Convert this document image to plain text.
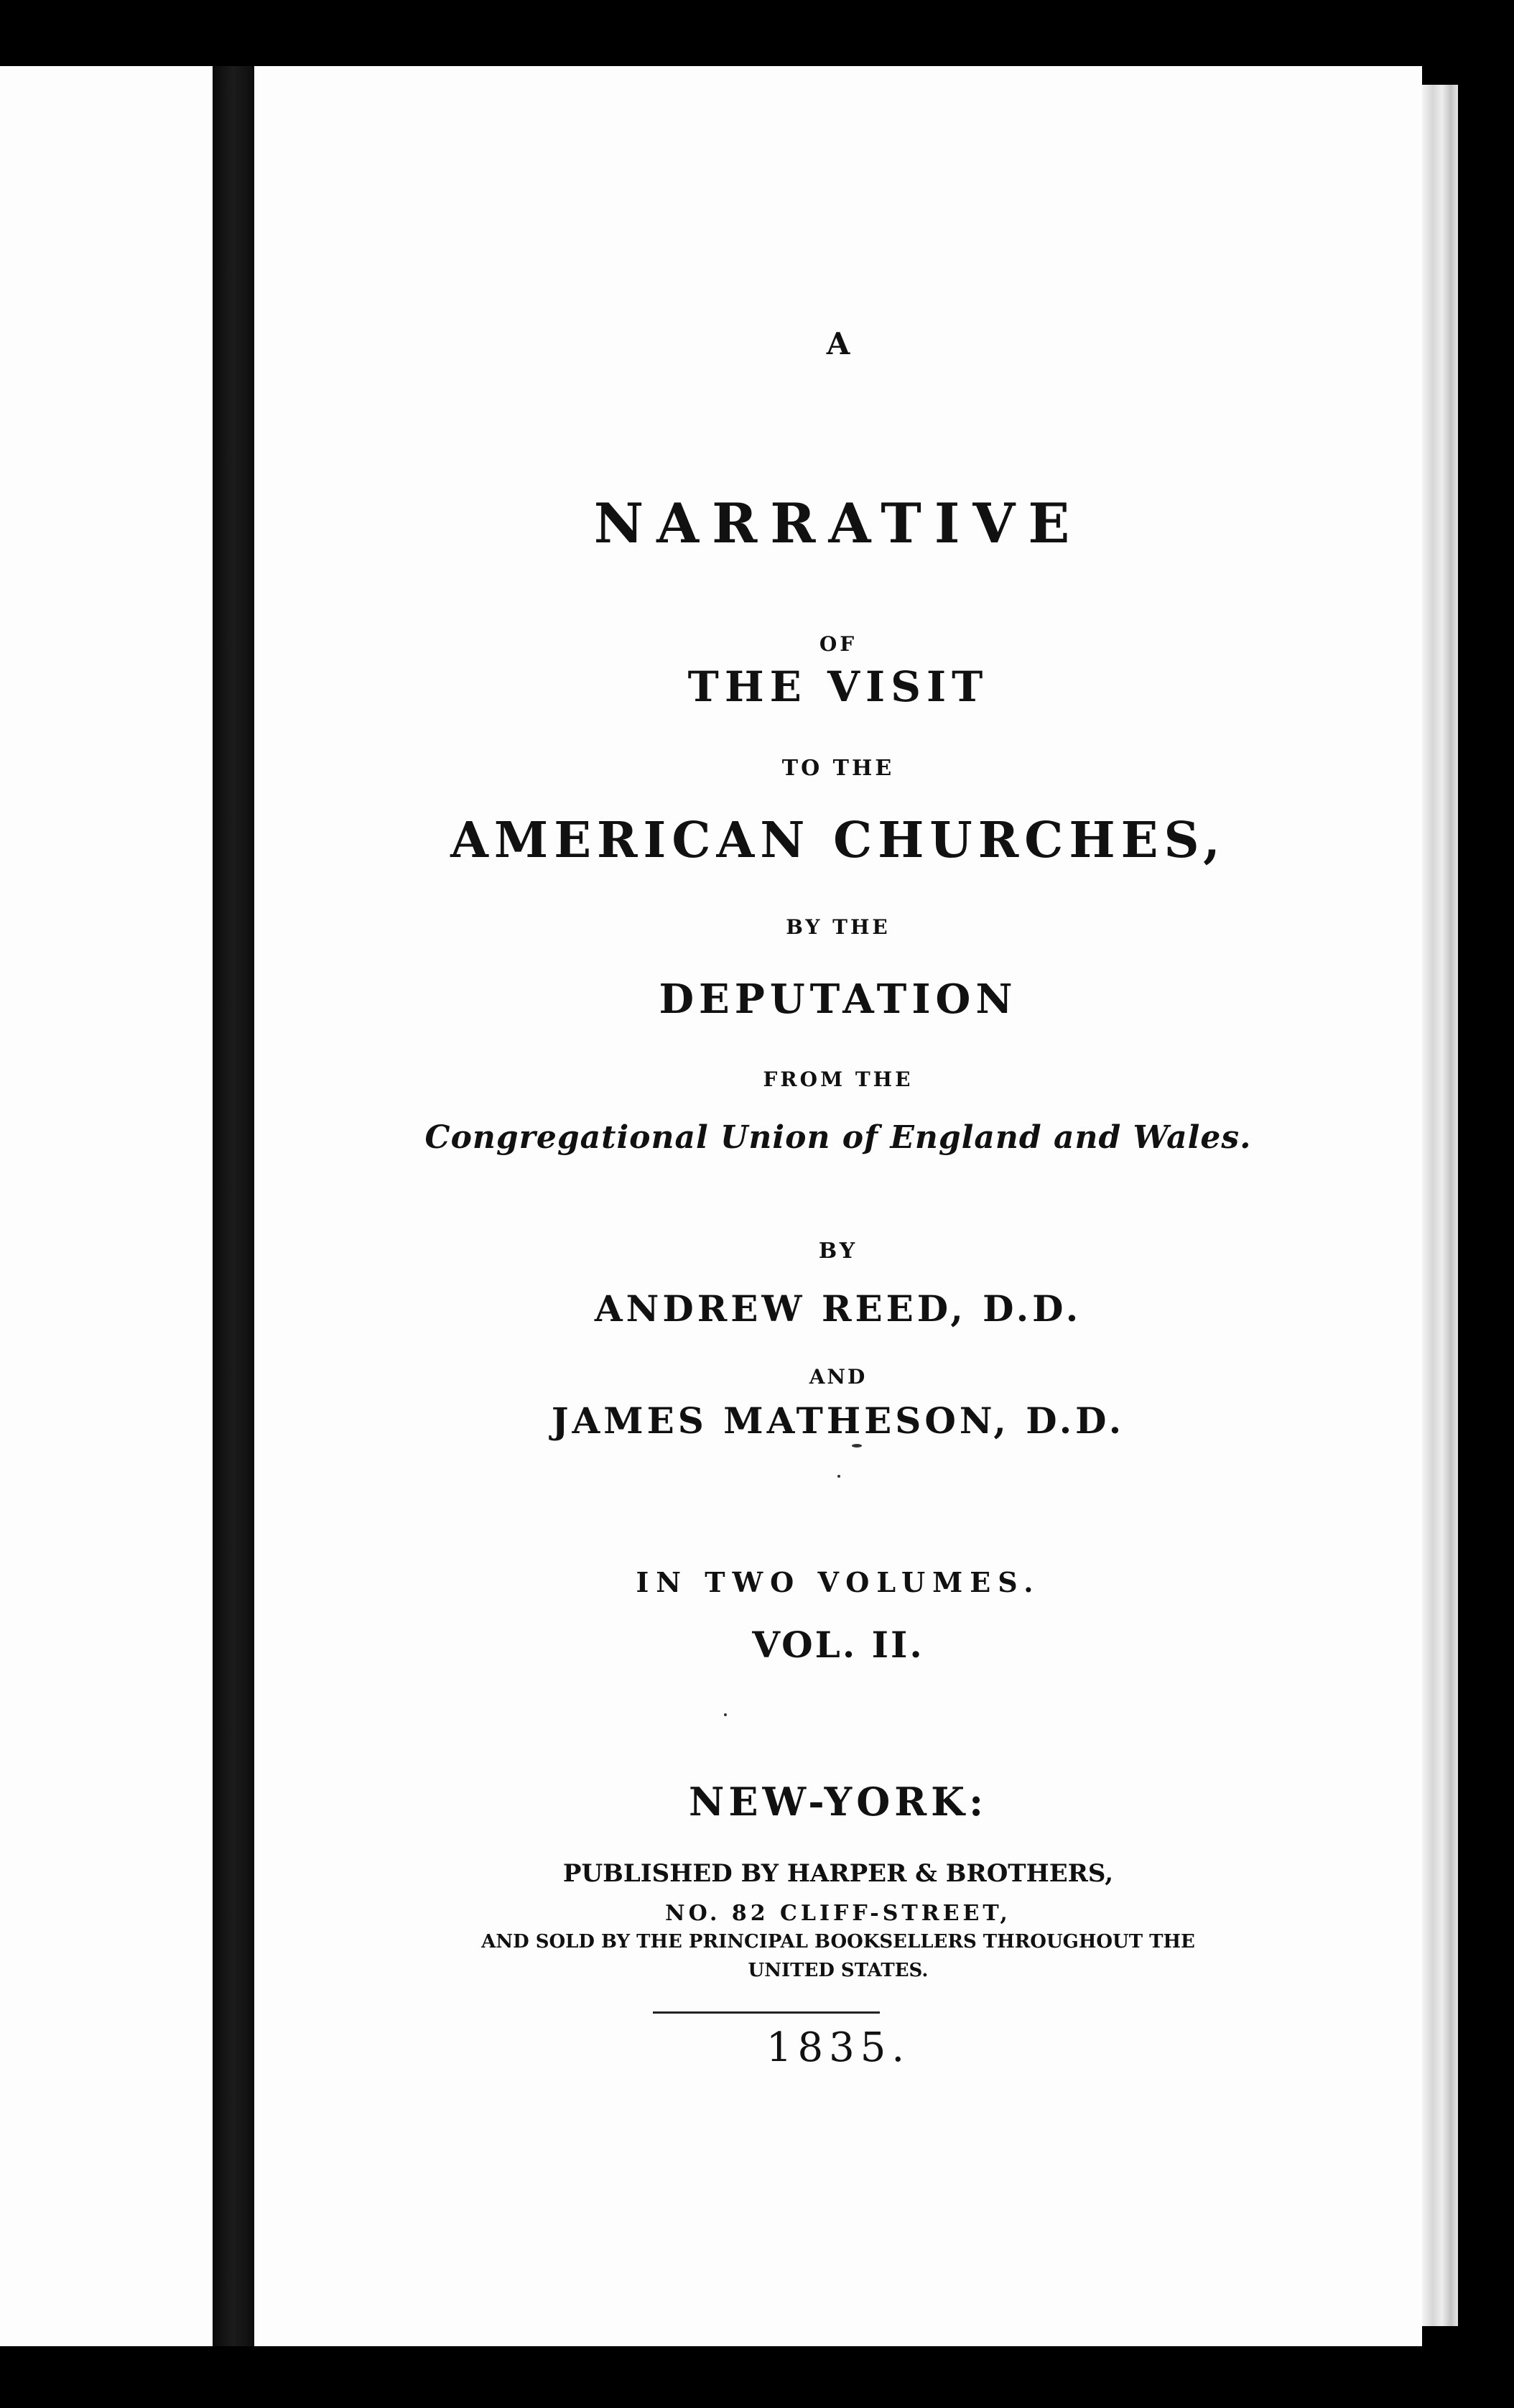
A
NARRATIVE
OF
THE VISIT
TO THE
AMERICAN CHURCHES,
BY THE
DEPUTATION
FROM THE
Congregational Union of England and Wales.
BY
ANDREW REED, D.D.
AND
JAMES MATHESON, D.D.
IN TWO VOLUMES.
VOL. II.
NEW-YORK:
PUBLISHED BY HARPER & BROTHERS,
NO. 82 CLIFF-STREET,
AND SOLD BY THE PRINCIPAL BOOKSELLERS THROUGHOUT THE
UNITED STATES.
1835.
